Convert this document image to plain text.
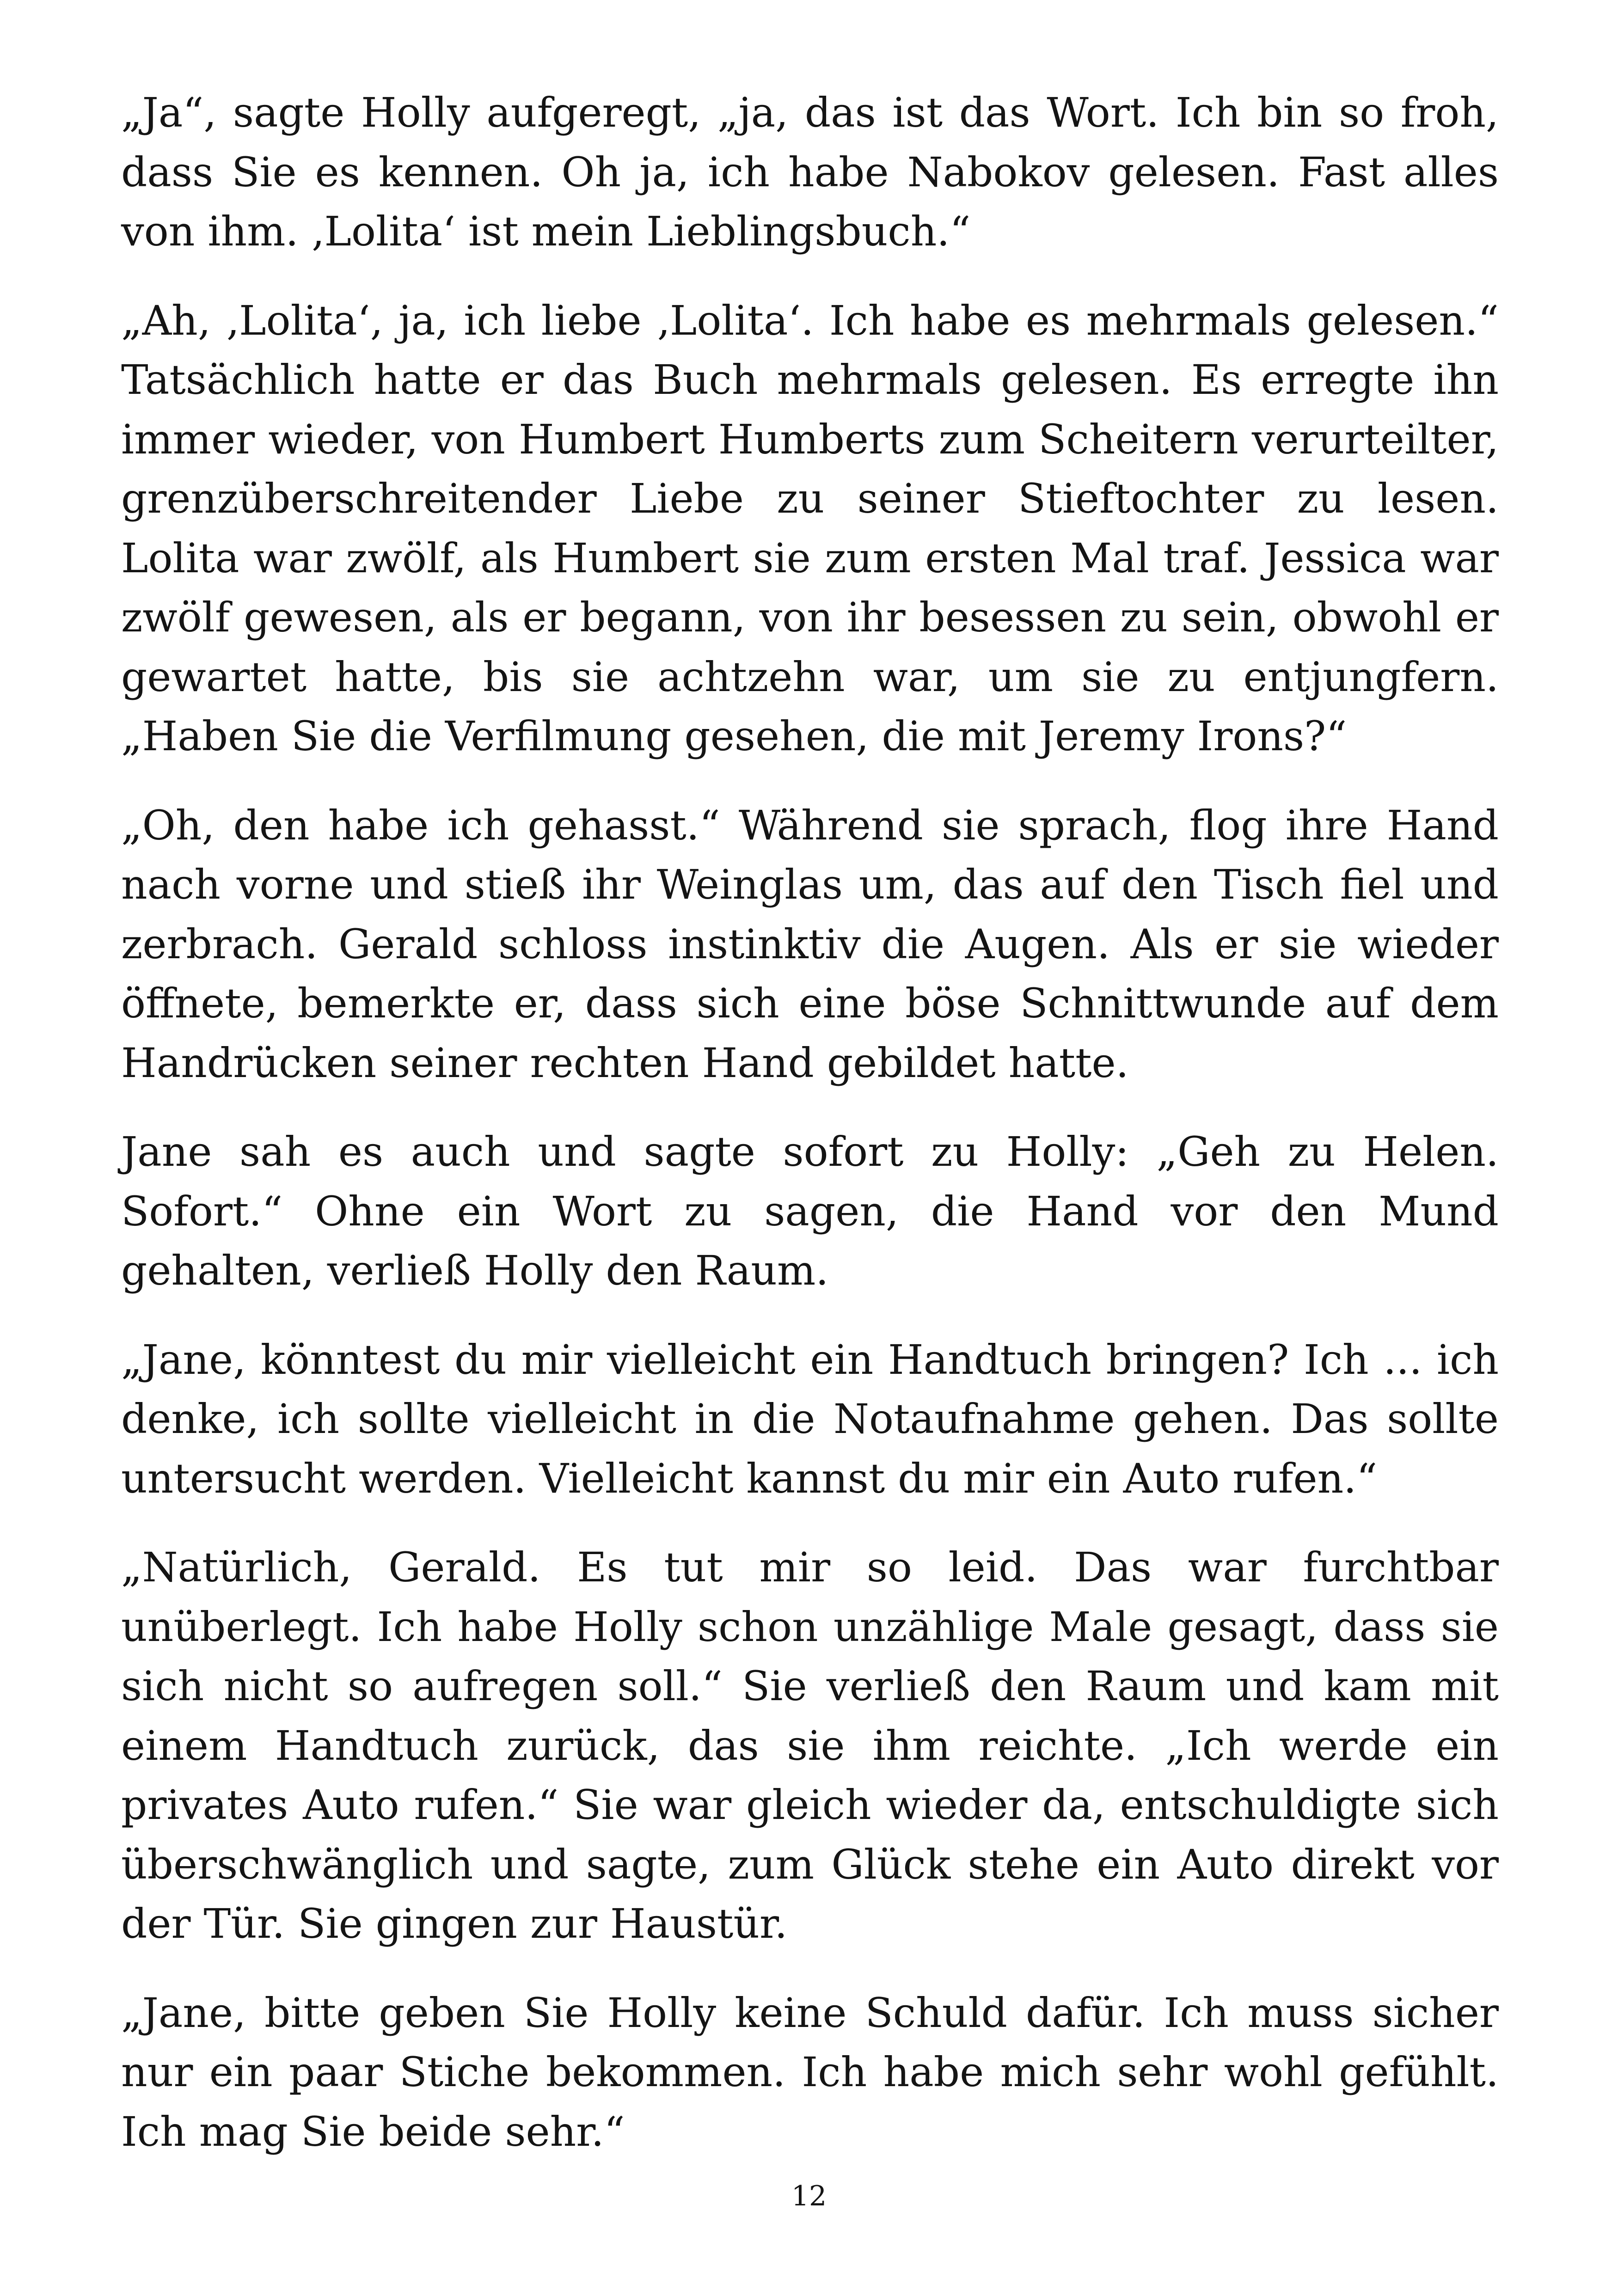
„Ja“, sagte Holly aufgeregt, „ja, das ist das Wort. Ich bin so froh, dass Sie es kennen. Oh ja, ich habe Nabokov gelesen. Fast alles von ihm. ‚Lolita‘ ist mein Lieblingsbuch.“

„Ah, ‚Lolita‘, ja, ich liebe ‚Lolita‘. Ich habe es mehrmals gelesen.“ Tatsächlich hatte er das Buch mehrmals gelesen. Es erregte ihn immer wieder, von Humbert Humberts zum Scheitern verurteilter, grenzüberschreitender Liebe zu seiner Stieftochter zu lesen. Lolita war zwölf, als Humbert sie zum ersten Mal traf. Jessica war zwölf gewesen, als er begann, von ihr besessen zu sein, obwohl er gewartet hatte, bis sie achtzehn war, um sie zu entjungfern. „Haben Sie die Verfilmung gesehen, die mit Jeremy Irons?“

„Oh, den habe ich gehasst.“ Während sie sprach, flog ihre Hand nach vorne und stieß ihr Weinglas um, das auf den Tisch fiel und zerbrach. Gerald schloss instinktiv die Augen. Als er sie wieder öffnete, bemerkte er, dass sich eine böse Schnittwunde auf dem Handrücken seiner rechten Hand gebildet hatte.

Jane sah es auch und sagte sofort zu Holly: „Geh zu Helen. Sofort.“ Ohne ein Wort zu sagen, die Hand vor den Mund gehalten, verließ Holly den Raum.

„Jane, könntest du mir vielleicht ein Handtuch bringen? Ich ... ich denke, ich sollte vielleicht in die Notaufnahme gehen. Das sollte untersucht werden. Vielleicht kannst du mir ein Auto rufen.“

„Natürlich, Gerald. Es tut mir so leid. Das war furchtbar unüberlegt. Ich habe Holly schon unzählige Male gesagt, dass sie sich nicht so aufregen soll.“ Sie verließ den Raum und kam mit einem Handtuch zurück, das sie ihm reichte. „Ich werde ein privates Auto rufen.“ Sie war gleich wieder da, entschuldigte sich überschwänglich und sagte, zum Glück stehe ein Auto direkt vor der Tür. Sie gingen zur Haustür.

„Jane, bitte geben Sie Holly keine Schuld dafür. Ich muss sicher nur ein paar Stiche bekommen. Ich habe mich sehr wohl gefühlt. Ich mag Sie beide sehr.“

12
